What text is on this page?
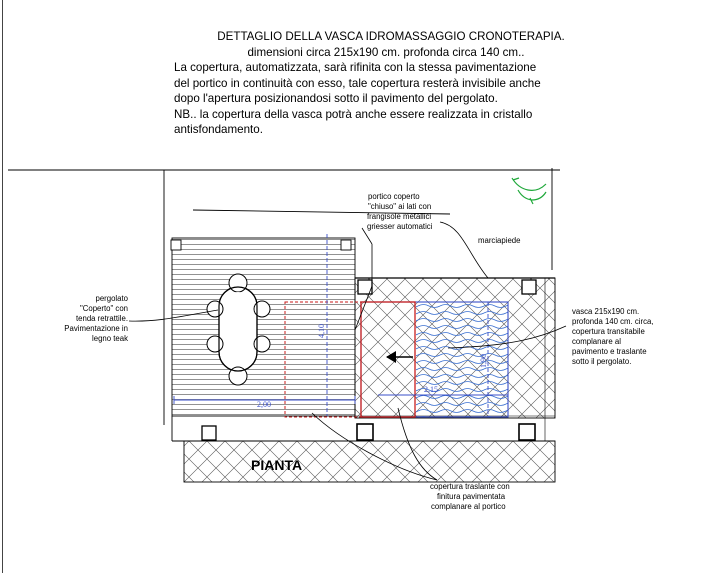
DETTAGLIO DELLA VASCA IDROMASSAGGIO CRONOTERAPIA.
dimensioni circa 215x190 cm. profonda circa 140 cm..
La copertura, automatizzata, sarà rifinita con la stessa pavimentazione
del portico in continuità con esso, tale copertura resterà invisibile anche
dopo l'apertura posizionandosi sotto il pavimento del pergolato.
NB.. la copertura della vasca potrà anche essere realizzata in cristallo
antisfondamento.
2,00
4,10
2,15
1,90
portico coperto
"chiuso" ai lati con
frangisole metallici
griesser automatici
marciapiede
pergolato
"Coperto" con
tenda retrattile.
Pavimentazione in
legno teak
vasca 215x190 cm.
profonda 140 cm. circa,
copertura transitabile
complanare al
pavimento e traslante
sotto il pergolato.
copertura traslante con
finitura pavimentata
complanare al portico
PIANTA
